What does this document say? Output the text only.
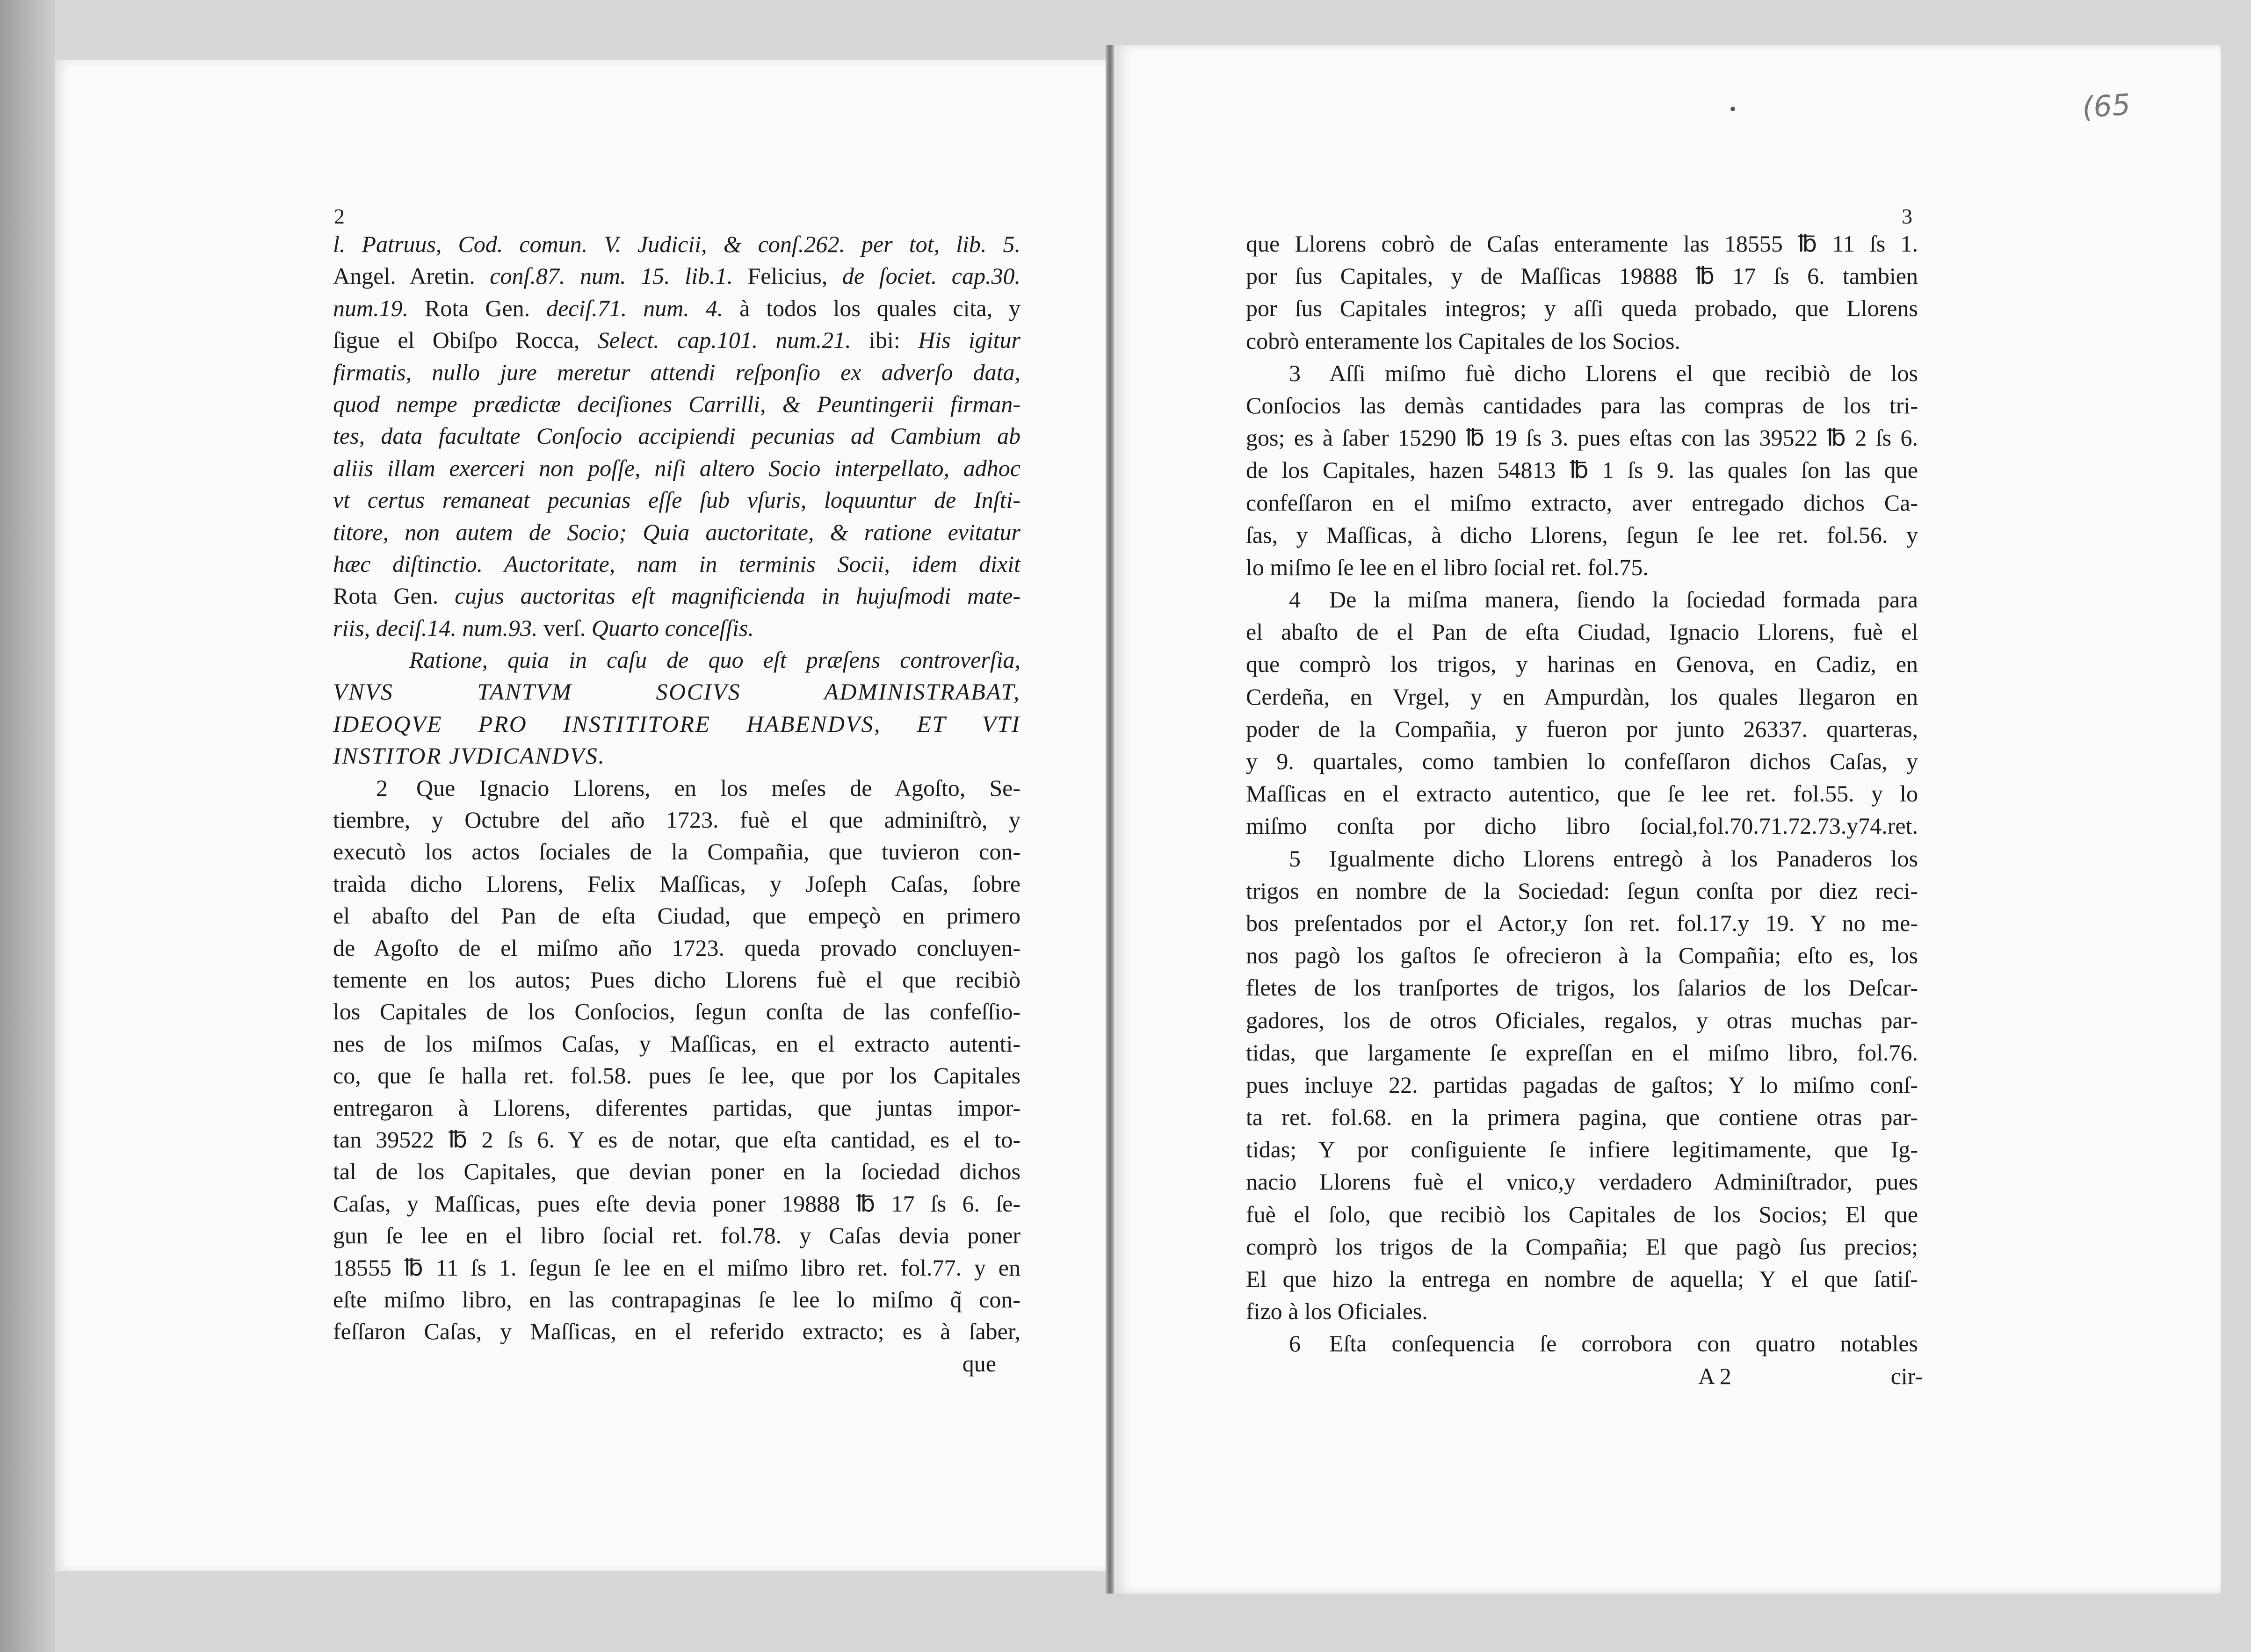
(65
2	3
l. Patruus, Cod. comun. V. Judicii, & conſ.262. per tot, lib. 5.
Angel. Aretin. conſ.87. num. 15. lib.1. Felicius, de ſociet. cap.30.
num.19. Rota Gen. deciſ.71. num. 4. à todos los quales cita, y
ſigue el Obiſpo Rocca, Select. cap.101. num.21. ibi: His igitur
firmatis, nullo jure meretur attendi reſponſio ex adverſo data,
quod nempe prædictæ deciſiones Carrilli, & Peuntingerii firman-
tes, data facultate Conſocio accipiendi pecunias ad Cambium ab
aliis illam exerceri non poſſe, niſi altero Socio interpellato, adhoc
vt certus remaneat pecunias eſſe ſub vſuris, loquuntur de Inſti-
titore, non autem de Socio; Quia auctoritate, & ratione evitatur
hæc diſtinctio. Auctoritate, nam in terminis Socii, idem dixit
Rota Gen. cujus auctoritas eſt magnificienda in hujuſmodi mate-
riis, deciſ.14. num.93. verſ. Quarto conceſſis.
Ratione, quia in caſu de quo eſt præſens controverſia,
VNVS TANTVM SOCIVS ADMINISTRABAT,
IDEOQVE PRO INSTITITORE HABENDVS, ET VTI
INSTITOR JVDICANDVS.
2	Que Ignacio Llorens, en los meſes de Agoſto, Se-
tiembre, y Octubre del año 1723. fuè el que adminiſtrò, y
executò los actos ſociales de la Compañia, que tuvieron con-
traìda dicho Llorens, Felix Maſſicas, y Joſeph Caſas, ſobre
el abaſto del Pan de eſta Ciudad, que empeçò en primero
de Agoſto de el miſmo año 1723. queda provado concluyen-
temente en los autos; Pues dicho Llorens fuè el que recibiò
los Capitales de los Conſocios, ſegun conſta de las confeſſio-
nes de los miſmos Caſas, y Maſſicas, en el extracto autenti-
co, que ſe halla ret. fol.58. pues ſe lee, que por los Capitales
entregaron à Llorens, diferentes partidas, que juntas impor-
tan 39522 ℔ 2 ſs 6. Y es de notar, que eſta cantidad, es el to-
tal de los Capitales, que devian poner en la ſociedad dichos
Caſas, y Maſſicas, pues eſte devia poner 19888 ℔ 17 ſs 6. ſe-
gun ſe lee en el libro ſocial ret. fol.78. y Caſas devia poner
18555 ℔ 11 ſs 1. ſegun ſe lee en el miſmo libro ret. fol.77. y en
eſte miſmo libro, en las contrapaginas ſe lee lo miſmo q̃ con-
feſſaron Caſas, y Maſſicas, en el referido extracto; es à ſaber,
que
que Llorens cobrò de Caſas enteramente las 18555 ℔ 11 ſs 1.
por ſus Capitales, y de Maſſicas 19888 ℔ 17 ſs 6. tambien
por ſus Capitales integros; y aſſi queda probado, que Llorens
cobrò enteramente los Capitales de los Socios.
3	Aſſi miſmo fuè dicho Llorens el que recibiò de los
Conſocios las demàs cantidades para las compras de los tri-
gos; es à ſaber 15290 ℔ 19 ſs 3. pues eſtas con las 39522 ℔ 2 ſs 6.
de los Capitales, hazen 54813 ℔ 1 ſs 9. las quales ſon las que
confeſſaron en el miſmo extracto, aver entregado dichos Ca-
ſas, y Maſſicas, à dicho Llorens, ſegun ſe lee ret. fol.56. y
lo miſmo ſe lee en el libro ſocial ret. fol.75.
4	De la miſma manera, ſiendo la ſociedad formada para
el abaſto de el Pan de eſta Ciudad, Ignacio Llorens, fuè el
que comprò los trigos, y harinas en Genova, en Cadiz, en
Cerdeña, en Vrgel, y en Ampurdàn, los quales llegaron en
poder de la Compañia, y fueron por junto 26337. quarteras,
y 9. quartales, como tambien lo confeſſaron dichos Caſas, y
Maſſicas en el extracto autentico, que ſe lee ret. fol.55. y lo
miſmo conſta por dicho libro ſocial,fol.70.71.72.73.y74.ret.
5	Igualmente dicho Llorens entregò à los Panaderos los
trigos en nombre de la Sociedad: ſegun conſta por diez reci-
bos preſentados por el Actor,y ſon ret. fol.17.y 19. Y no me-
nos pagò los gaſtos ſe ofrecieron à la Compañia; eſto es, los
fletes de los tranſportes de trigos, los ſalarios de los Deſcar-
gadores, los de otros Oficiales, regalos, y otras muchas par-
tidas, que largamente ſe expreſſan en el miſmo libro, fol.76.
pues incluye 22. partidas pagadas de gaſtos; Y lo miſmo conſ-
ta ret. fol.68. en la primera pagina, que contiene otras par-
tidas; Y por conſiguiente ſe infiere legitimamente, que Ig-
nacio Llorens fuè el vnico,y verdadero Adminiſtrador, pues
fuè el ſolo, que recibiò los Capitales de los Socios; El que
comprò los trigos de la Compañia; El que pagò ſus precios;
El que hizo la entrega en nombre de aquella; Y el que ſatiſ-
fizo à los Oficiales.
6	Eſta conſequencia ſe corrobora con quatro notables
A 2	cir-
